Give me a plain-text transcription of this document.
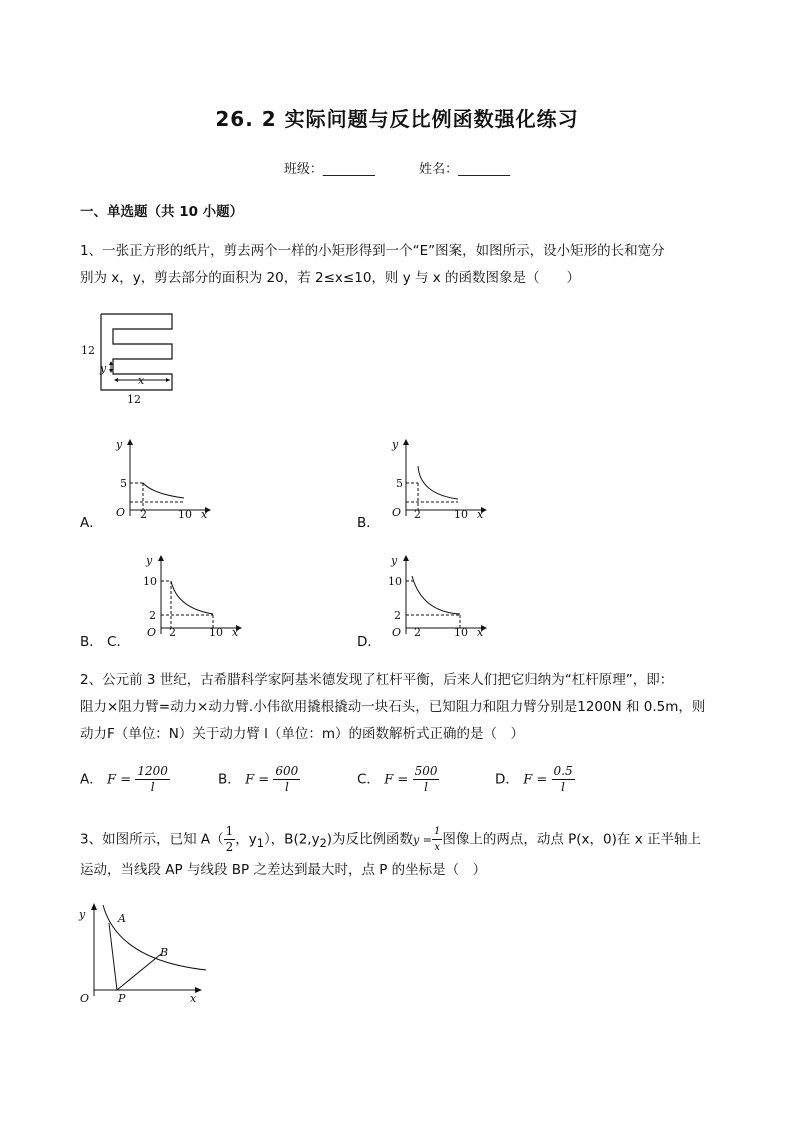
26. 2 实际问题与反比例函数强化练习
班级：________	姓名：________
一、单选题（共 10 小题）
1、一张正方形的纸片，剪去两个一样的小矩形得到一个“E”图案，如图所示，设小矩形的长和宽分
别为 x，y，剪去部分的面积为 20，若 2≤x≤10，则 y 与 x 的函数图象是（　　）
12
12
y
x
A．
y
5
O 2	10 x
B．
y
5
O 2	10 x
B． C．
y
10
2
O 2	10 x
D．
y
10
2
O 2	10 x
2、公元前 3 世纪，古希腊科学家阿基米德发现了杠杆平衡，后来人们把它归纳为“杠杆原理”，即：
阻力×阻力臂=动力×动力臂.小伟欲用撬根撬动一块石头，已知阻力和阻力臂分别是1200N 和 0.5m，则
动力F（单位：N）关于动力臂 l（单位：m）的函数解析式正确的是（　）
A． $F = \frac{1200}{l}$	B． $F = \frac{600}{l}$	C． $F = \frac{500}{l}$	D． $F = \frac{0.5}{l}$
3、如图所示，已知 $A( \frac{1}{2}$ ，$y_1$），$B(2,y_2)$为反比例函数$y = \frac{1}{x}$ 图像上的两点，动点 P(x，0)在 x 正半轴上
运动，当线段 AP 与线段 BP 之差达到最大时，点 P 的坐标是（　）
y
O	x
A
B
P
